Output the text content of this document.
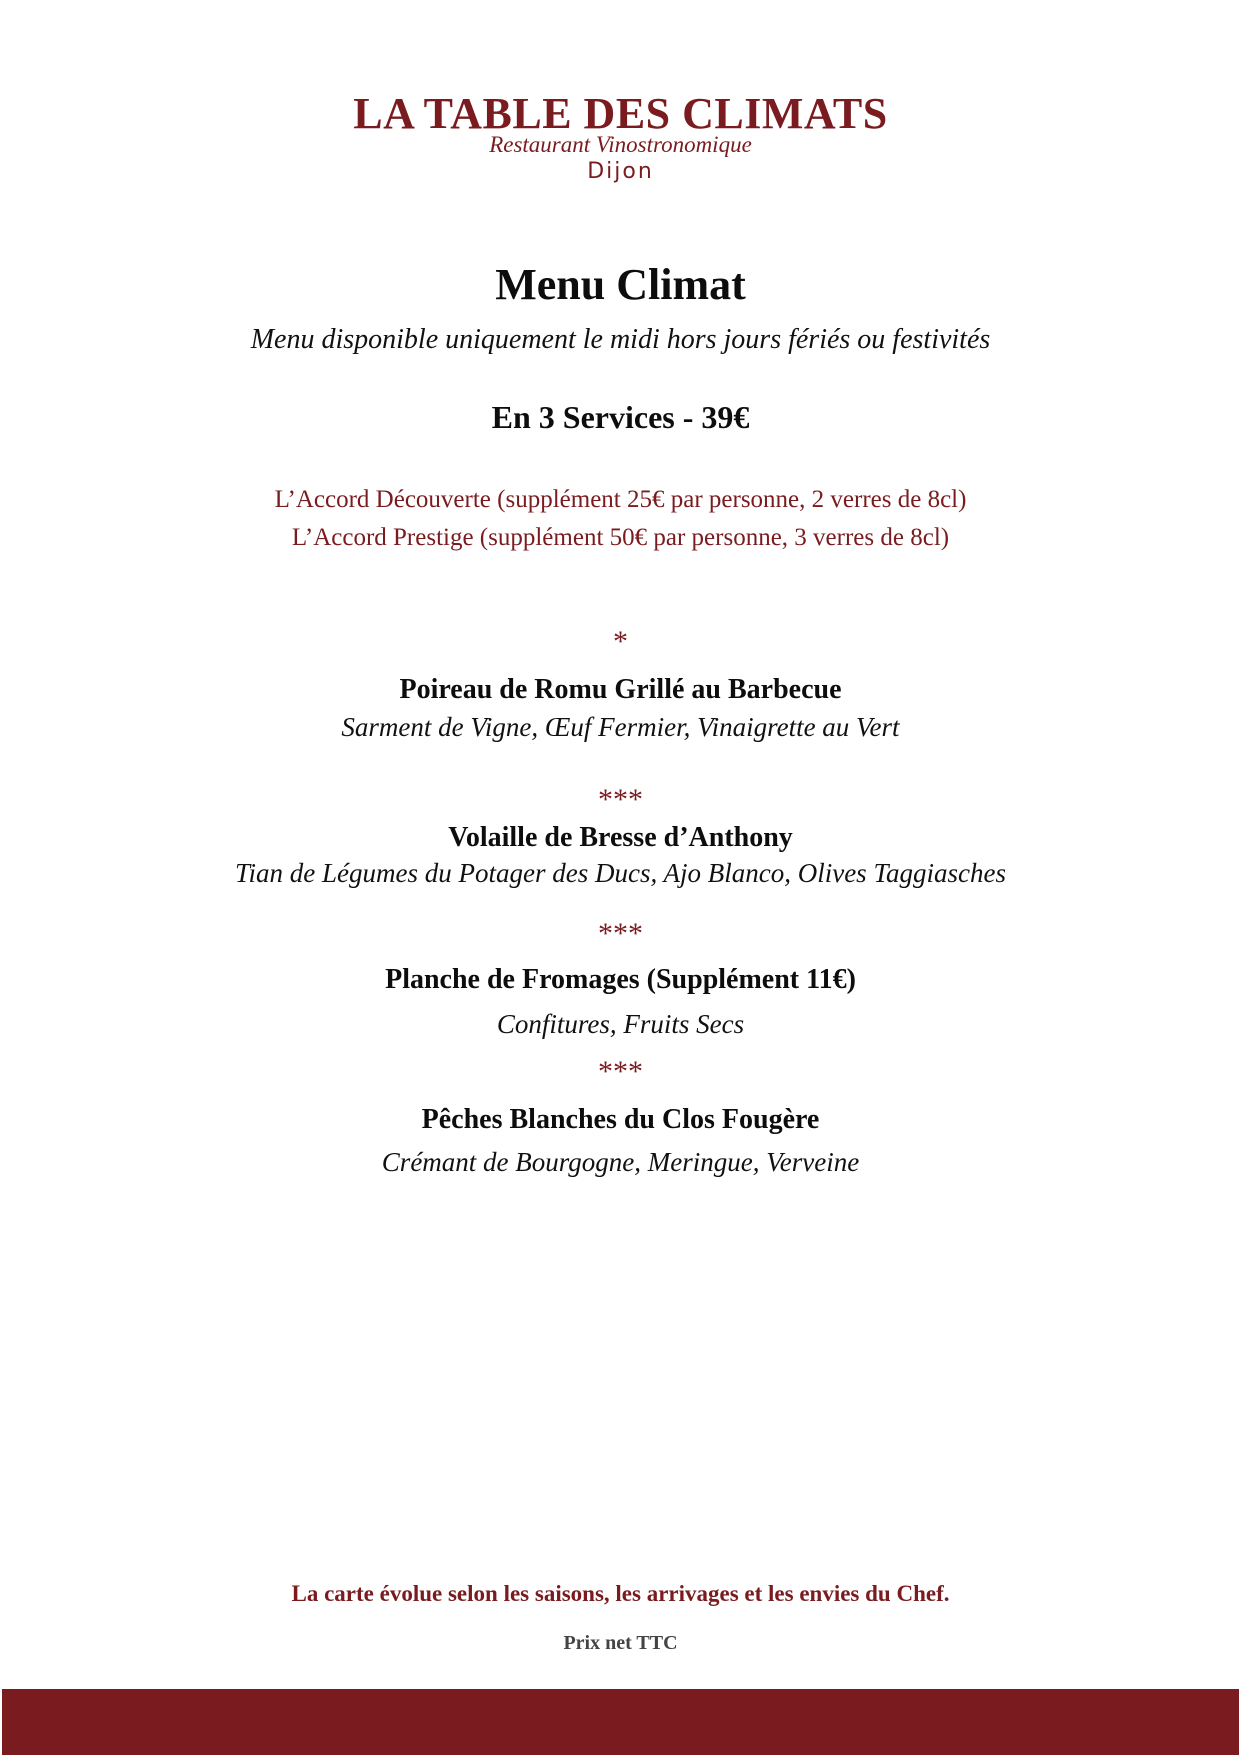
LA TABLE DES CLIMATS
Restaurant Vinostronomique
Dijon
Menu Climat
Menu disponible uniquement le midi hors jours fériés ou festivités
En 3 Services - 39€
L’Accord Découverte (supplément 25€ par personne, 2 verres de 8cl)
L’Accord Prestige (supplément 50€ par personne, 3 verres de 8cl)
*
Poireau de Romu Grillé au Barbecue
Sarment de Vigne, Œuf Fermier, Vinaigrette au Vert
***
Volaille de Bresse d’Anthony
Tian de Légumes du Potager des Ducs, Ajo Blanco, Olives Taggiasches
***
Planche de Fromages (Supplément 11€)
Confitures, Fruits Secs
***
Pêches Blanches du Clos Fougère
Crémant de Bourgogne, Meringue, Verveine
La carte évolue selon les saisons, les arrivages et les envies du Chef.
Prix net TTC
